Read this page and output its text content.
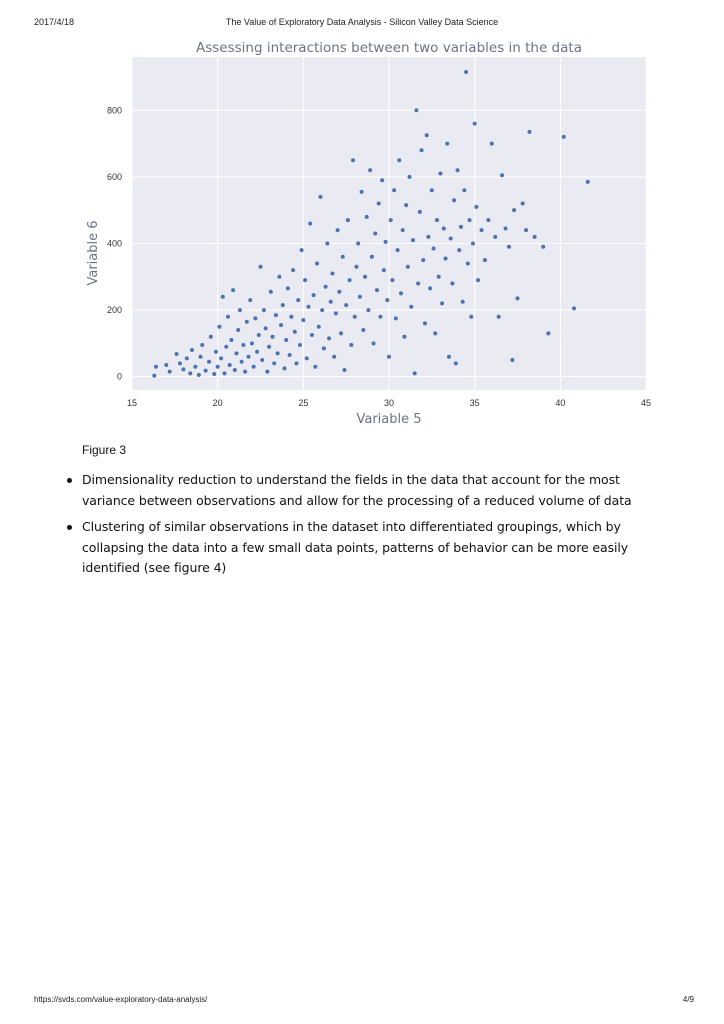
2017/4/18	The Value of Exploratory Data Analysis - Silicon Valley Data Science
Assessing interactions between two variables in the data
15	20	25	30	35	40	45
0
200
400
600
800
Variable 5
Variable 6
Figure 3
Dimensionality reduction to understand the fields in the data that account for the most variance between observations and allow for the processing of a reduced volume of data
Clustering of similar observations in the dataset into differentiated groupings, which by collapsing the data into a few small data points, patterns of behavior can be more easily identified (see figure 4)
https://svds.com/value-exploratory-data-analysis/	4/9
